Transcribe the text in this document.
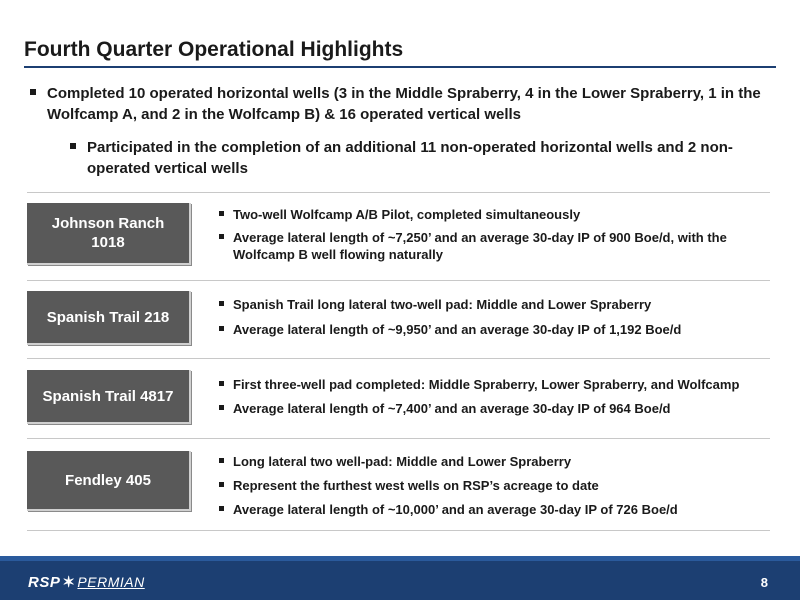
Fourth Quarter Operational Highlights
Completed 10 operated horizontal wells (3 in the Middle Spraberry, 4 in the Lower Spraberry, 1 in the Wolfcamp A, and 2 in the Wolfcamp B) & 16 operated vertical wells
Participated in the completion of an additional 11 non-operated horizontal wells and 2 non-operated vertical wells
Johnson Ranch
1018
Two-well Wolfcamp A/B Pilot, completed simultaneously
Average lateral length of ~7,250’ and an average 30-day IP of 900 Boe/d, with the Wolfcamp B well flowing naturally
Spanish Trail 218
Spanish Trail long lateral two-well pad: Middle and Lower Spraberry
Average lateral length of ~9,950’ and an average 30-day IP of 1,192 Boe/d
Spanish Trail 4817
First three-well pad completed: Middle Spraberry, Lower Spraberry, and Wolfcamp
Average lateral length of ~7,400’ and an average 30-day IP of 964 Boe/d
Fendley 405
Long lateral two well-pad: Middle and Lower Spraberry
Represent the furthest west wells on RSP’s acreage to date
Average lateral length of ~10,000’ and an average 30-day IP of 726 Boe/d
RSP ✶ PERMIAN	8
